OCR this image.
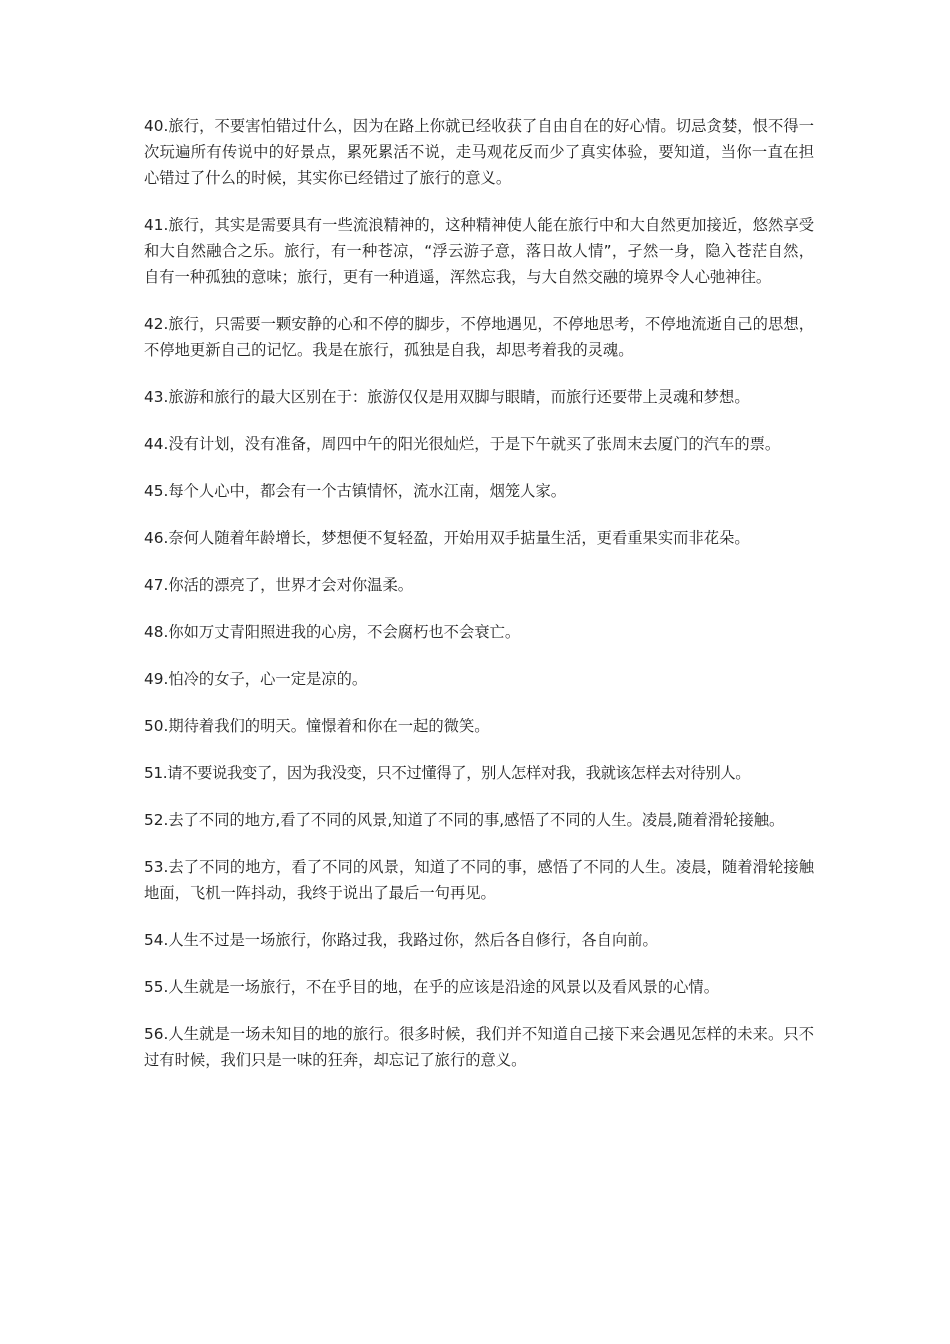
40.旅行，不要害怕错过什么，因为在路上你就已经收获了自由自在的好心情。切忌贪婪，恨不得一次玩遍所有传说中的好景点，累死累活不说，走马观花反而少了真实体验，要知道，当你一直在担心错过了什么的时候，其实你已经错过了旅行的意义。

41.旅行，其实是需要具有一些流浪精神的，这种精神使人能在旅行中和大自然更加接近，悠然享受和大自然融合之乐。旅行，有一种苍凉，“浮云游子意，落日故人情”，孑然一身，隐入苍茫自然，自有一种孤独的意味；旅行，更有一种逍遥，浑然忘我，与大自然交融的境界令人心弛神往。

42.旅行，只需要一颗安静的心和不停的脚步，不停地遇见，不停地思考，不停地流逝自己的思想，不停地更新自己的记忆。我是在旅行，孤独是自我，却思考着我的灵魂。

43.旅游和旅行的最大区别在于：旅游仅仅是用双脚与眼睛，而旅行还要带上灵魂和梦想。

44.没有计划，没有准备，周四中午的阳光很灿烂，于是下午就买了张周末去厦门的汽车的票。

45.每个人心中，都会有一个古镇情怀，流水江南，烟笼人家。

46.奈何人随着年龄增长，梦想便不复轻盈，开始用双手掂量生活，更看重果实而非花朵。

47.你活的漂亮了，世界才会对你温柔。

48.你如万丈青阳照进我的心房，不会腐朽也不会衰亡。

49.怕冷的女子，心一定是凉的。

50.期待着我们的明天。憧憬着和你在一起的微笑。

51.请不要说我变了，因为我没变，只不过懂得了，别人怎样对我，我就该怎样去对待别人。

52.去了不同的地方,看了不同的风景,知道了不同的事,感悟了不同的人生。凌晨,随着滑轮接触。

53.去了不同的地方，看了不同的风景，知道了不同的事，感悟了不同的人生。凌晨，随着滑轮接触地面，飞机一阵抖动，我终于说出了最后一句再见。

54.人生不过是一场旅行，你路过我，我路过你，然后各自修行，各自向前。

55.人生就是一场旅行，不在乎目的地，在乎的应该是沿途的风景以及看风景的心情。

56.人生就是一场未知目的地的旅行。很多时候，我们并不知道自己接下来会遇见怎样的未来。只不过有时候，我们只是一味的狂奔，却忘记了旅行的意义。
